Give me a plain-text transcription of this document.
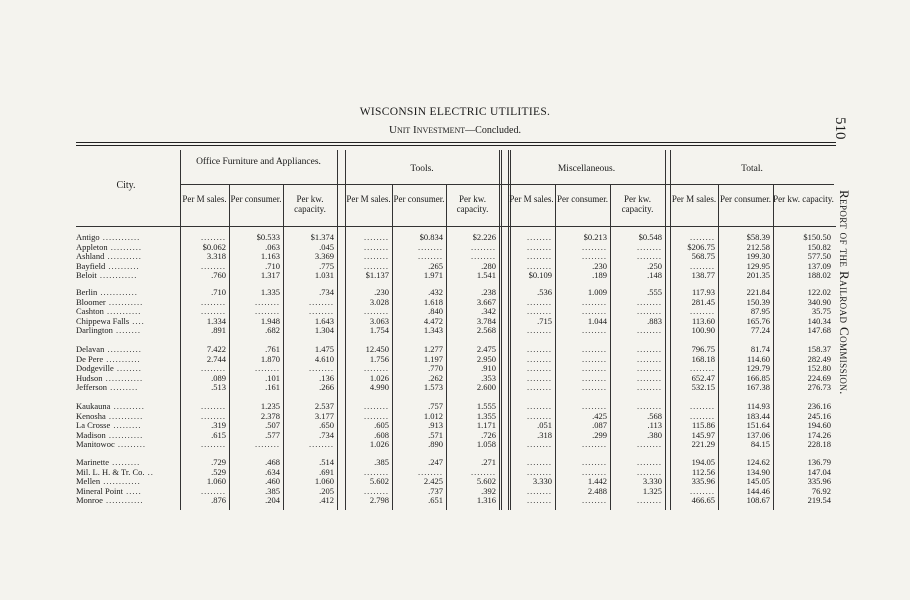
WISCONSIN ELECTRIC UTILITIES.
Unit Investment—Concluded.	510
Report of the Railroad Commission.
City.
Office Furniture and Appliances.
Tools.	Miscellaneous.	Total.
Per M sales. Per consumer.	Per kw. capacity.
Per M sales. Per consumer.	Per kw. capacity.
Per M sales. Per consumer.	Per kw. capacity.
Per M sales. Per consumer. Per kw. capacity.
Antigo ............	........	$0.533	$1.374	........	$0.834	$2.226	........	$0.213	$0.548	........	$58.39	$150.50
Appleton ..........	$0.062	.063	.045	........	........	........	........	........	........	$206.75	212.58	150.82
Ashland ...........	3.318	1.163	3.369	........	........	........	........	........	........	568.75	199.30	577.50
Bayfield ..........	........	.710	.775	........	.265	.280	........	.230	.250	........	129.95	137.09
Beloit ............	.760	1.317	1.031	$1.137	1.971	1.541	$0.109	.189	.148	138.77	201.35	188.02
Berlin ............	.710	1.335	.734	.230	.432	.238	.536	1.009	.555	117.93	221.84	122.02
Bloomer ...........	........	........	........	3.028	1.618	3.667	........	........	........	281.45	150.39	340.90
Cashton ...........	........	........	........	........	.840	.342	........	........	........	........	87.95	35.75
Chippewa Falls ....	1.334	1.948	1.643	3.063	4.472	3.784	.715	1.044	.883	113.60	165.76	140.34
Darlington ........	.891	.682	1.304	1.754	1.343	2.568	........	........	........	100.90	77.24	147.68
Delavan ...........	7.422	.761	1.475	12.450	1.277	2.475	........	........	........	796.75	81.74	158.37
De Pere ...........	2.744	1.870	4.610	1.756	1.197	2.950	........	........	........	168.18	114.60	282.49
Dodgeville ........	........	........	........	........	.770	.910	........	........	........	........	129.79	152.80
Hudson ............	.089	.101	.136	1.026	.262	.353	........	........	........	652.47	166.85	224.69
Jefferson .........	.513	.161	.266	4.990	1.573	2.600	........	........	........	532.15	167.38	276.73
Kaukauna ..........	........	1.235	2.537	........	.757	1.555	........	........	........	........	114.93	236.16
Kenosha ...........	........	2.378	3.177	........	1.012	1.355	........	.425	.568	........	183.44	245.16
La Crosse .........	.319	.507	.650	.605	.913	1.171	.051	.087	.113	115.86	151.64	194.60
Madison ...........	.615	.577	.734	.608	.571	.726	.318	.299	.380	145.97	137.06	174.26
Manitowoc .........	........	........	........	1.026	.890	1.058	........	........	........	221.29	84.15	228.18
Marinette .........	.729	.468	.514	.385	.247	.271	........	........	........	194.05	124.62	136.79
Mil. L. H. & Tr. Co. ..	.529	.634	.691	........	........	........	........	........	........	112.56	134.90	147.04
Mellen ............	1.060	.460	1.060	5.602	2.425	5.602	3.330	1.442	3.330	335.96	145.05	335.96
Mineral Point .....	........	.385	.205	........	.737	.392	........	2.488	1.325	........	144.46	76.92
Monroe ............	.876	.204	.412	2.798	.651	1.316	........	........	........	466.65	108.67	219.54
